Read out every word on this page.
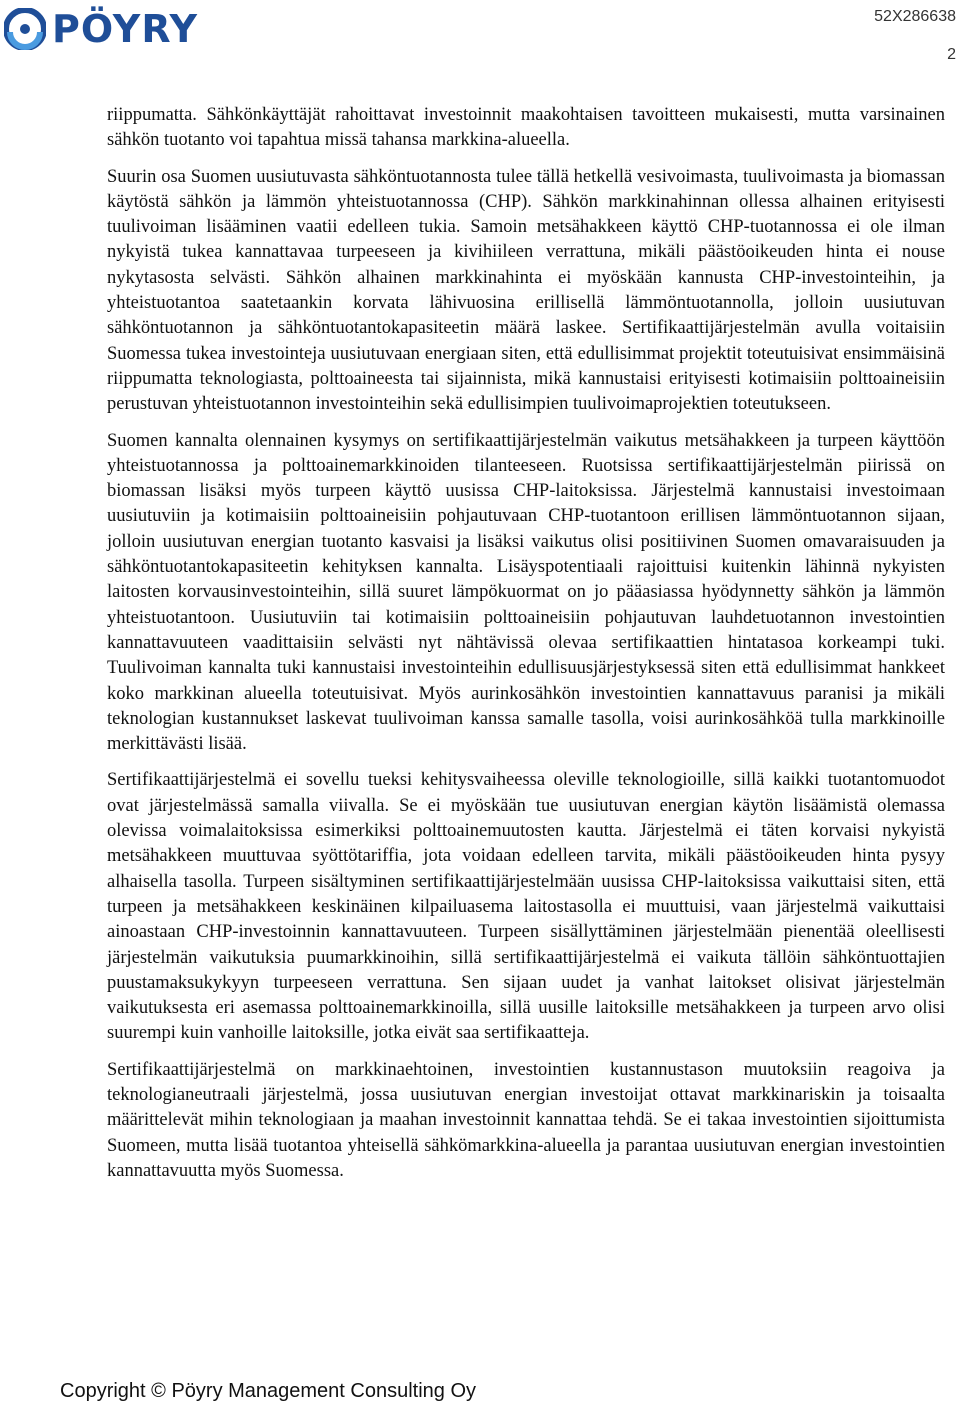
PÖYRY	52X286638
2

riippumatta. Sähkönkäyttäjät rahoittavat investoinnit maakohtaisen tavoitteen mukaisesti, mutta varsinainen sähkön tuotanto voi tapahtua missä tahansa markkina-alueella.

Suurin osa Suomen uusiutuvasta sähköntuotannosta tulee tällä hetkellä vesivoimasta, tuulivoimasta ja biomassan käytöstä sähkön ja lämmön yhteistuotannossa (CHP). Sähkön markkinahinnan ollessa alhainen erityisesti tuulivoiman lisääminen vaatii edelleen tukia. Samoin metsähakkeen käyttö CHP-tuotannossa ei ole ilman nykyistä tukea kannattavaa turpeeseen ja kivihiileen verrattuna, mikäli päästöoikeuden hinta ei nouse nykytasosta selvästi. Sähkön alhainen markkinahinta ei myöskään kannusta CHP-investointeihin, ja yhteistuotantoa saatetaankin korvata lähivuosina erillisellä lämmöntuotannolla, jolloin uusiutuvan sähköntuotannon ja sähköntuotantokapasiteetin määrä laskee. Sertifikaattijärjestelmän avulla voitaisiin Suomessa tukea investointeja uusiutuvaan energiaan siten, että edullisimmat projektit toteutuisivat ensimmäisinä riippumatta teknologiasta, polttoaineesta tai sijainnista, mikä kannustaisi erityisesti kotimaisiin polttoaineisiin perustuvan yhteistuotannon investointeihin sekä edullisimpien tuulivoimaprojektien toteutukseen.

Suomen kannalta olennainen kysymys on sertifikaattijärjestelmän vaikutus metsähakkeen ja turpeen käyttöön yhteistuotannossa ja polttoainemarkkinoiden tilanteeseen. Ruotsissa sertifikaattijärjestelmän piirissä on biomassan lisäksi myös turpeen käyttö uusissa CHP-laitoksissa. Järjestelmä kannustaisi investoimaan uusiutuviin ja kotimaisiin polttoaineisiin pohjautuvaan CHP-tuotantoon erillisen lämmöntuotannon sijaan, jolloin uusiutuvan energian tuotanto kasvaisi ja lisäksi vaikutus olisi positiivinen Suomen omavaraisuuden ja sähköntuotantokapasiteetin kehityksen kannalta. Lisäyspotentiaali rajoittuisi kuitenkin lähinnä nykyisten laitosten korvausinvestointeihin, sillä suuret lämpökuormat on jo pääasiassa hyödynnetty sähkön ja lämmön yhteistuotantoon. Uusiutuviin tai kotimaisiin polttoaineisiin pohjautuvan lauhdetuotannon investointien kannattavuuteen vaadittaisiin selvästi nyt nähtävissä olevaa sertifikaattien hintatasoa korkeampi tuki. Tuulivoiman kannalta tuki kannustaisi investointeihin edullisuusjärjestyksessä siten että edullisimmat hankkeet koko markkinan alueella toteutuisivat. Myös aurinkosähkön investointien kannattavuus paranisi ja mikäli teknologian kustannukset laskevat tuulivoiman kanssa samalle tasolla, voisi aurinkosähköä tulla markkinoille merkittävästi lisää.

Sertifikaattijärjestelmä ei sovellu tueksi kehitysvaiheessa oleville teknologioille, sillä kaikki tuotantomuodot ovat järjestelmässä samalla viivalla. Se ei myöskään tue uusiutuvan energian käytön lisäämistä olemassa olevissa voimalaitoksissa esimerkiksi polttoainemuutosten kautta. Järjestelmä ei täten korvaisi nykyistä metsähakkeen muuttuvaa syöttötariffia, jota voidaan edelleen tarvita, mikäli päästöoikeuden hinta pysyy alhaisella tasolla. Turpeen sisältyminen sertifikaattijärjestelmään uusissa CHP-laitoksissa vaikuttaisi siten, että turpeen ja metsähakkeen keskinäinen kilpailuasema laitostasolla ei muuttuisi, vaan järjestelmä vaikuttaisi ainoastaan CHP-investoinnin kannattavuuteen. Turpeen sisällyttäminen järjestelmään pienentää oleellisesti järjestelmän vaikutuksia puumarkkinoihin, sillä sertifikaattijärjestelmä ei vaikuta tällöin sähköntuottajien puustamaksukykyyn turpeeseen verrattuna. Sen sijaan uudet ja vanhat laitokset olisivat järjestelmän vaikutuksesta eri asemassa polttoainemarkkinoilla, sillä uusille laitoksille metsähakkeen ja turpeen arvo olisi suurempi kuin vanhoille laitoksille, jotka eivät saa sertifikaatteja.

Sertifikaattijärjestelmä on markkinaehtoinen, investointien kustannustason muutoksiin reagoiva ja teknologianeutraali järjestelmä, jossa uusiutuvan energian investoijat ottavat markkinariskin ja toisaalta määrittelevät mihin teknologiaan ja maahan investoinnit kannattaa tehdä. Se ei takaa investointien sijoittumista Suomeen, mutta lisää tuotantoa yhteisellä sähkömarkkina-alueella ja parantaa uusiutuvan energian investointien kannattavuutta myös Suomessa.

Copyright © Pöyry Management Consulting Oy
